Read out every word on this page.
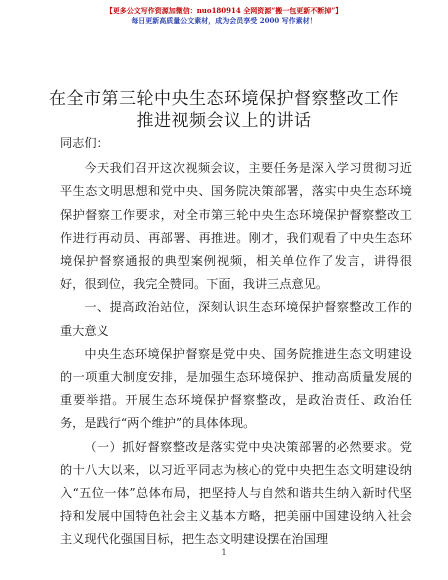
【更多公文写作资源加微信：nuo180914 全网资源“搬一包更新不断掉”】
每日更新高质量公文素材，成为会员享受 2000 写作素材！
在全市第三轮中央生态环境保护督察整改工作
推进视频会议上的讲话

同志们：

今天我们召开这次视频会议，主要任务是深入学习贯彻习近平生态文明思想和党中央、国务院决策部署，落实中央生态环境保护督察工作要求，对全市第三轮中央生态环境保护督察整改工作进行再动员、再部署、再推进。刚才，我们观看了中央生态环境保护督察通报的典型案例视频，相关单位作了发言，讲得很好，很到位，我完全赞同。下面，我讲三点意见。

一、提高政治站位，深刻认识生态环境保护督察整改工作的重大意义

中央生态环境保护督察是党中央、国务院推进生态文明建设的一项重大制度安排，是加强生态环境保护、推动高质量发展的重要举措。开展生态环境保护督察整改，是政治责任、政治任务，是践行“两个维护”的具体体现。

（一）抓好督察整改是落实党中央决策部署的必然要求。党的十八大以来，以习近平同志为核心的党中央把生态文明建设纳入“五位一体”总体布局，把坚持人与自然和谐共生纳入新时代坚持和发展中国特色社会主义基本方略，把美丽中国建设纳入社会主义现代化强国目标，把生态文明建设摆在治国理

1
